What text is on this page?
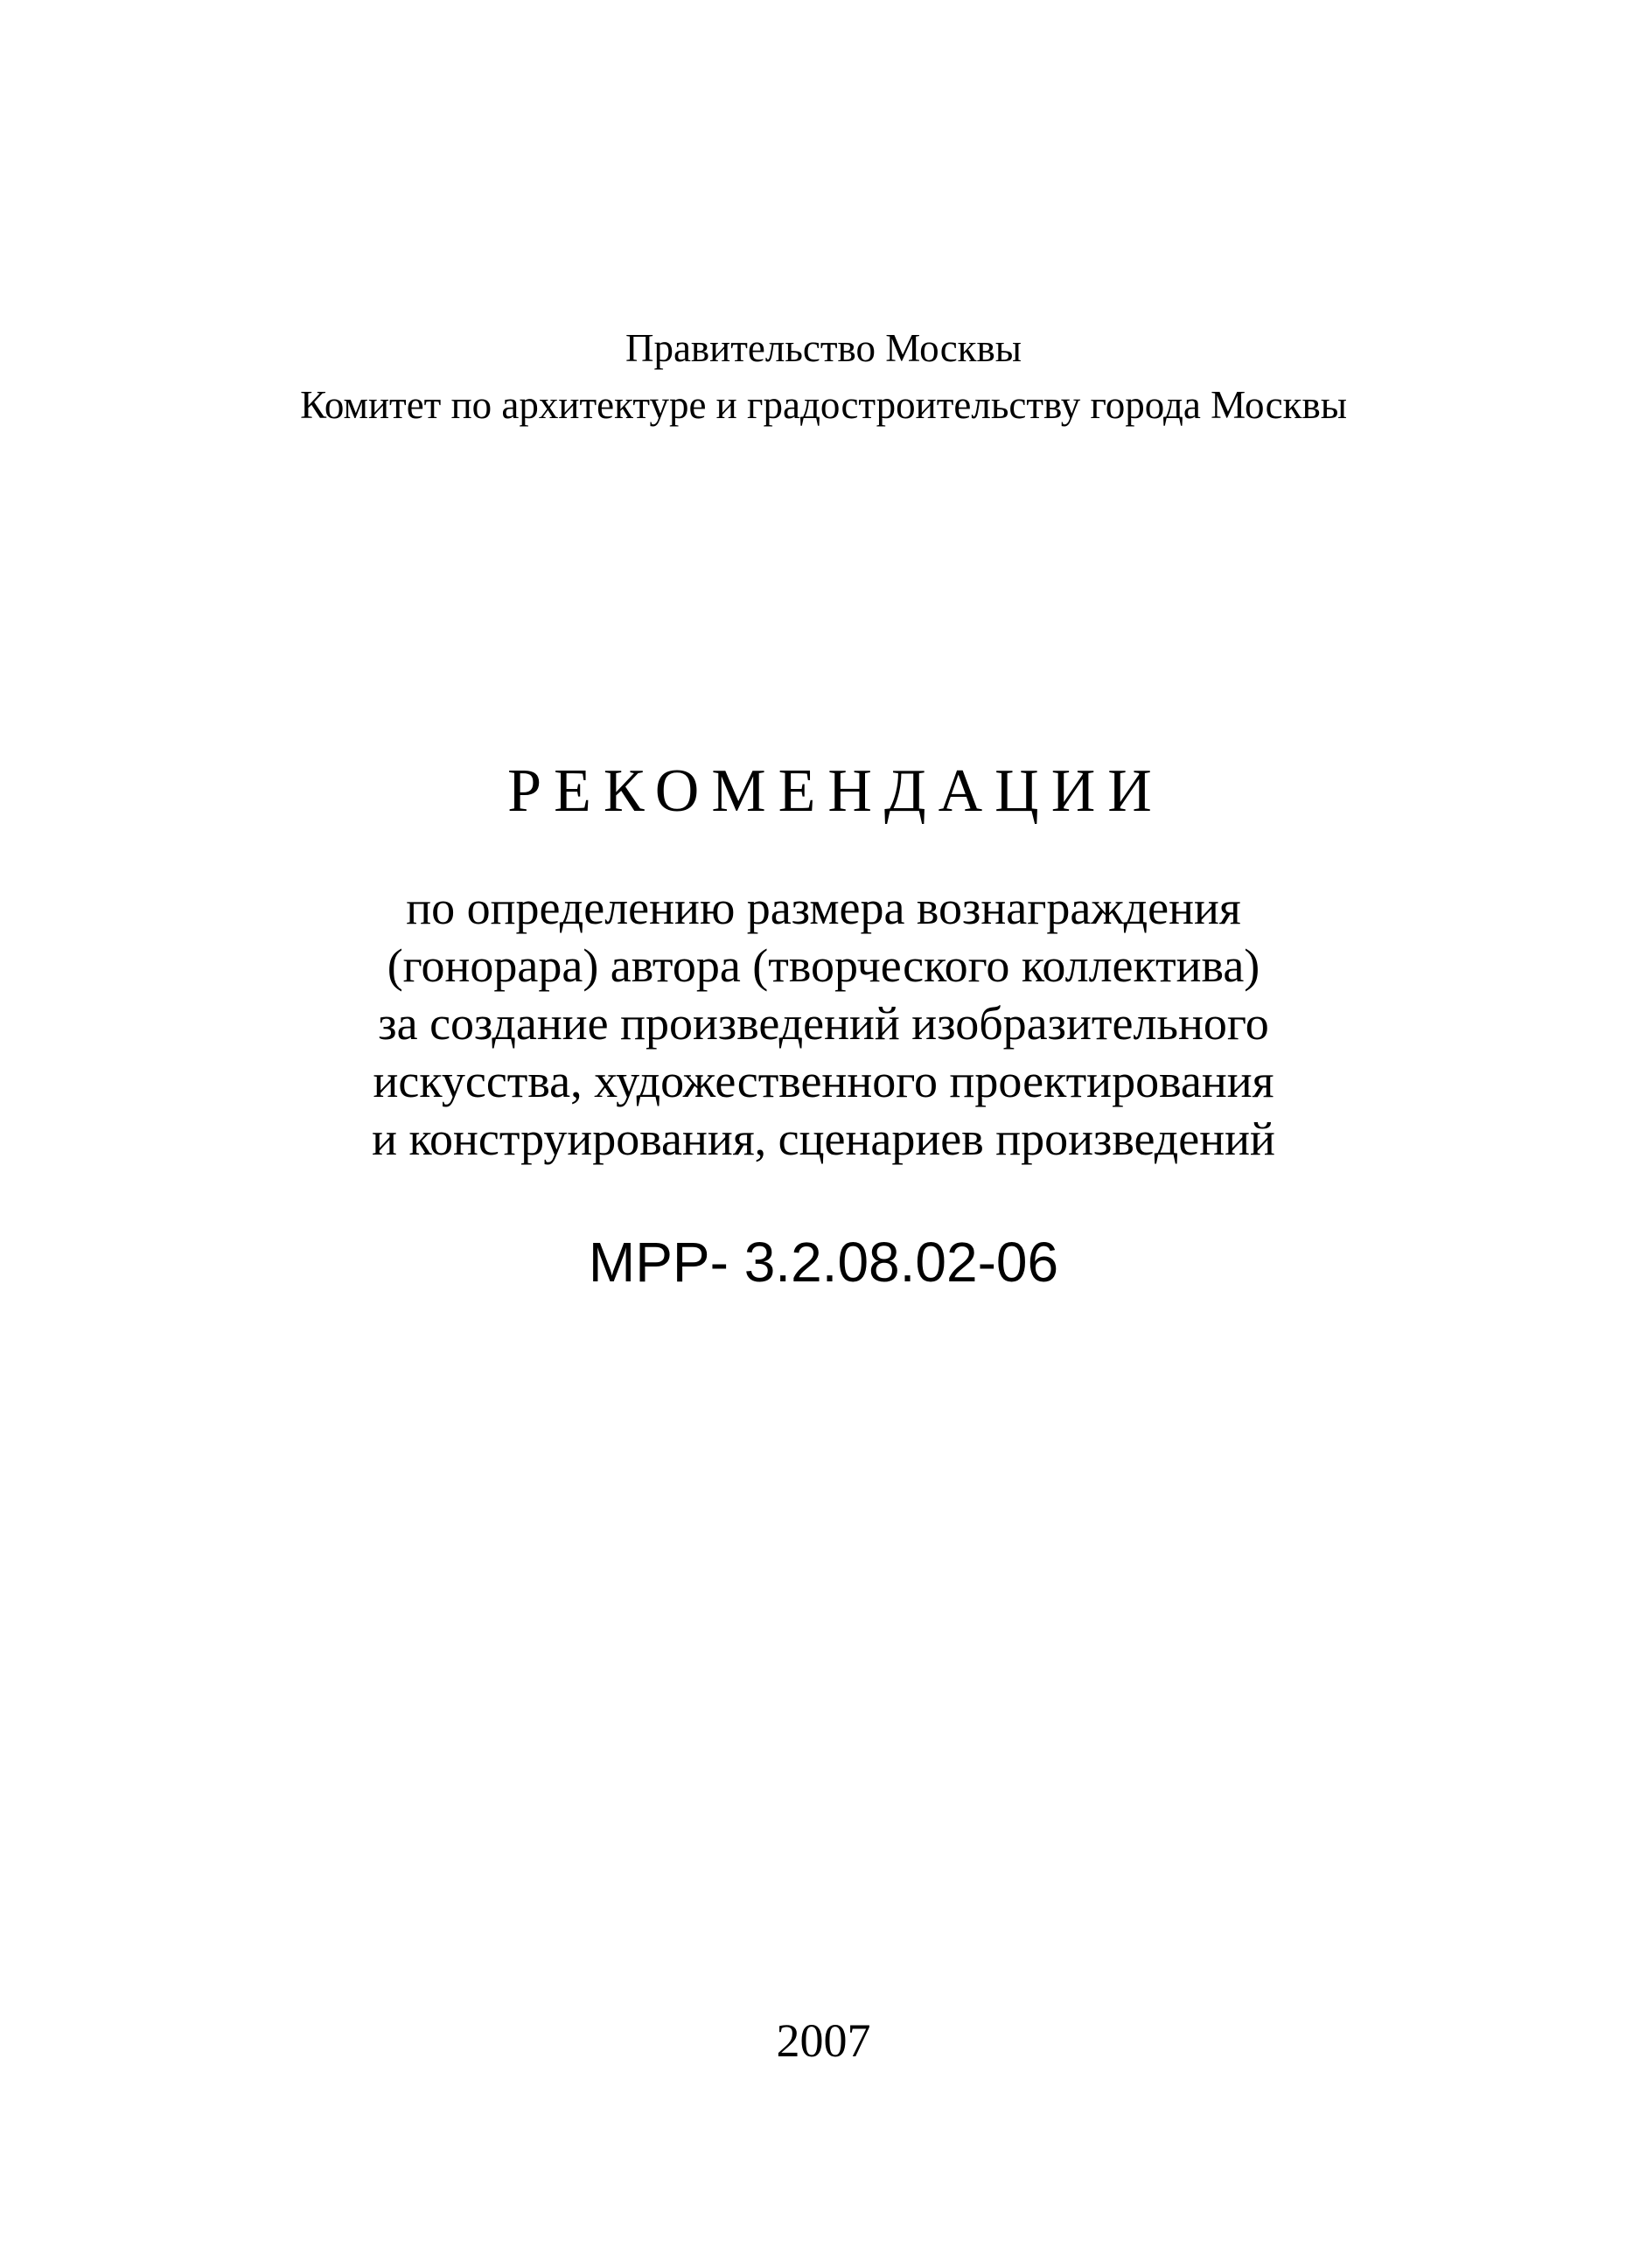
Правительство Москвы

Комитет по архитектуре и градостроительству города Москвы

РЕКОМЕНДАЦИИ

по определению размера вознаграждения

(гонорара) автора (творческого коллектива)

за создание произведений изобразительного

искусства, художественного проектирования

и конструирования, сценариев произведений

МРР- 3.2.08.02-06

2007
